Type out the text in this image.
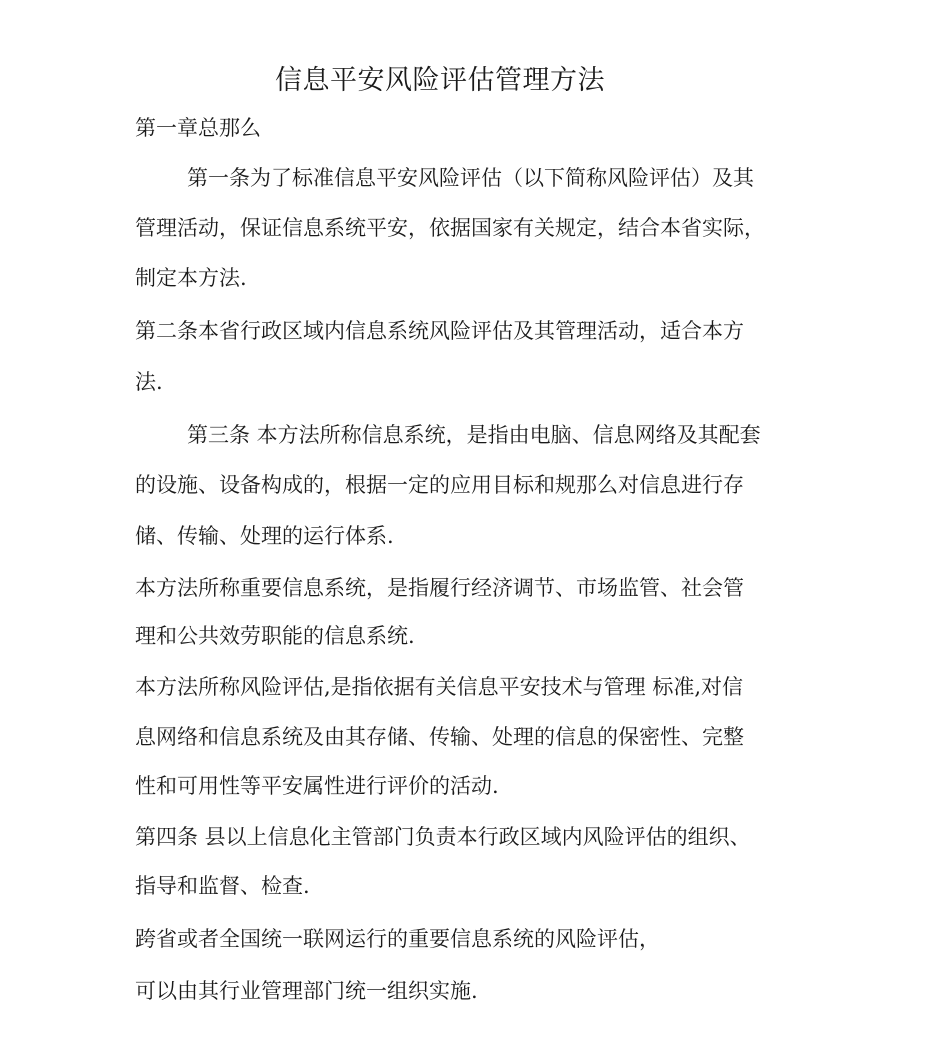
信息平安风险评估管理方法

第一章总那么

第一条为了标准信息平安风险评估（以下简称风险评估）及其

管理活动，保证信息系统平安，依据国家有关规定，结合本省实际，

制定本方法.

第二条本省行政区域内信息系统风险评估及其管理活动，适合本方

法.

第三条 本方法所称信息系统，是指由电脑、信息网络及其配套

的设施、设备构成的，根据一定的应用目标和规那么对信息进行存

储、传输、处理的运行体系.

本方法所称重要信息系统，是指履行经济调节、市场监管、社会管

理和公共效劳职能的信息系统.

本方法所称风险评估,是指依据有关信息平安技术与管理 标准,对信

息网络和信息系统及由其存储、传输、处理的信息的保密性、完整

性和可用性等平安属性进行评价的活动.

第四条 县以上信息化主管部门负责本行政区域内风险评估的组织、

指导和监督、检查.

跨省或者全国统一联网运行的重要信息系统的风险评估，

可以由其行业管理部门统一组织实施.
